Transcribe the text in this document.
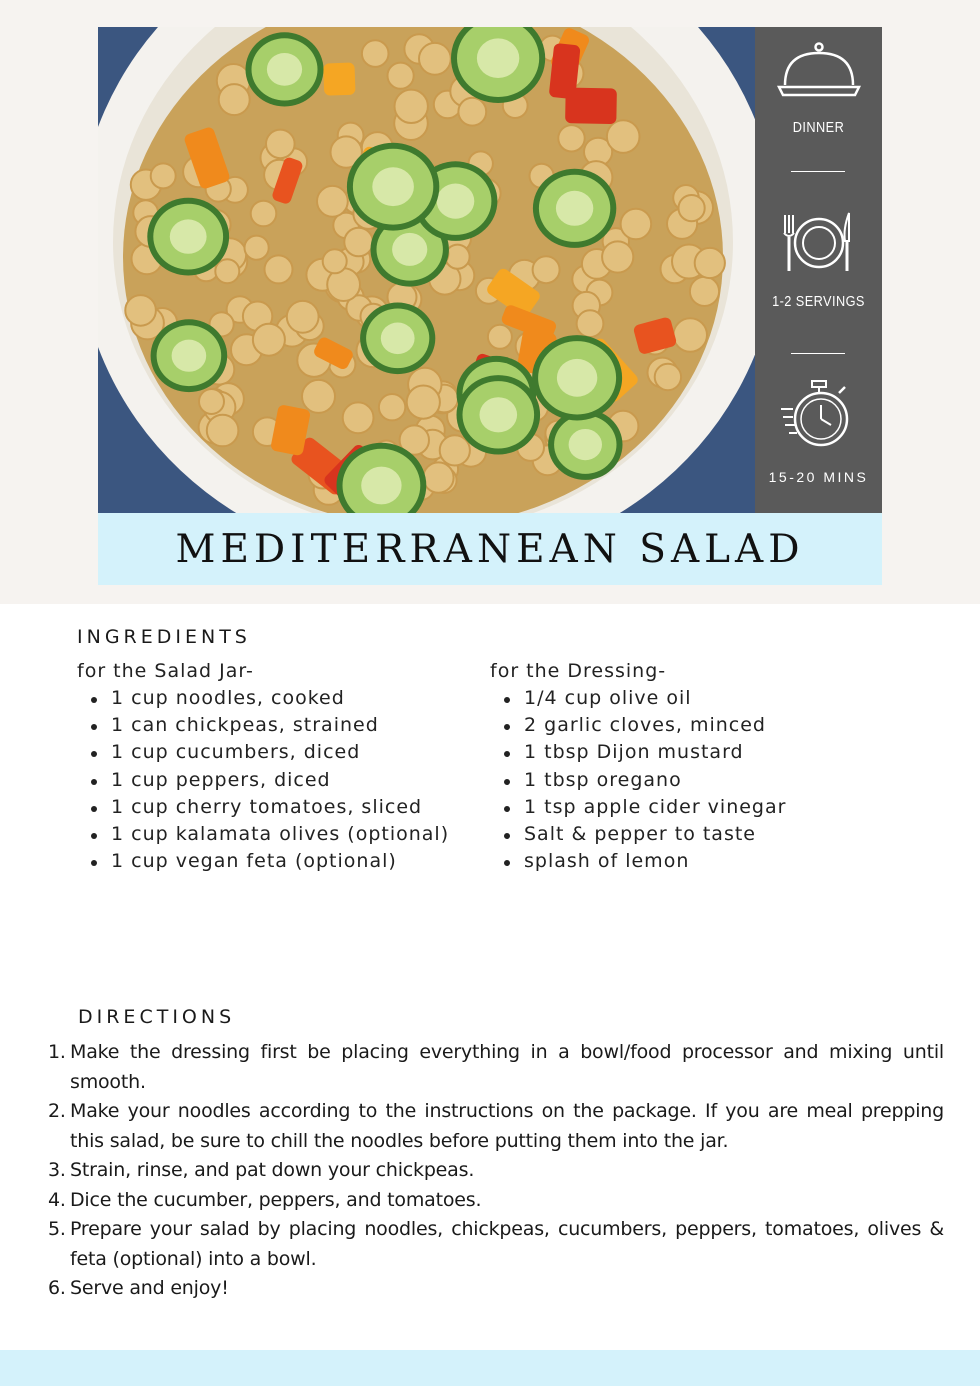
DINNER
1-2 SERVINGS
15-20 MINS
MEDITERRANEAN SALAD
INGREDIENTS
for the Salad Jar-
1 cup noodles, cooked
1 can chickpeas, strained
1 cup cucumbers, diced
1 cup peppers, diced
1 cup cherry tomatoes, sliced
1 cup kalamata olives (optional)
1 cup vegan feta (optional)
for the Dressing-
1/4 cup olive oil
2 garlic cloves, minced
1 tbsp Dijon mustard
1 tbsp oregano
1 tsp apple cider vinegar
Salt & pepper to taste
splash of lemon
DIRECTIONS
1. Make the dressing first be placing everything in a bowl/food processor and mixing until smooth.
2. Make your noodles according to the instructions on the package. If you are meal prepping this salad, be sure to chill the noodles before putting them into the jar.
3. Strain, rinse, and pat down your chickpeas.
4. Dice the cucumber, peppers, and tomatoes.
5. Prepare your salad by placing noodles, chickpeas, cucumbers, peppers, tomatoes, olives & feta (optional) into a bowl.
6. Serve and enjoy!
